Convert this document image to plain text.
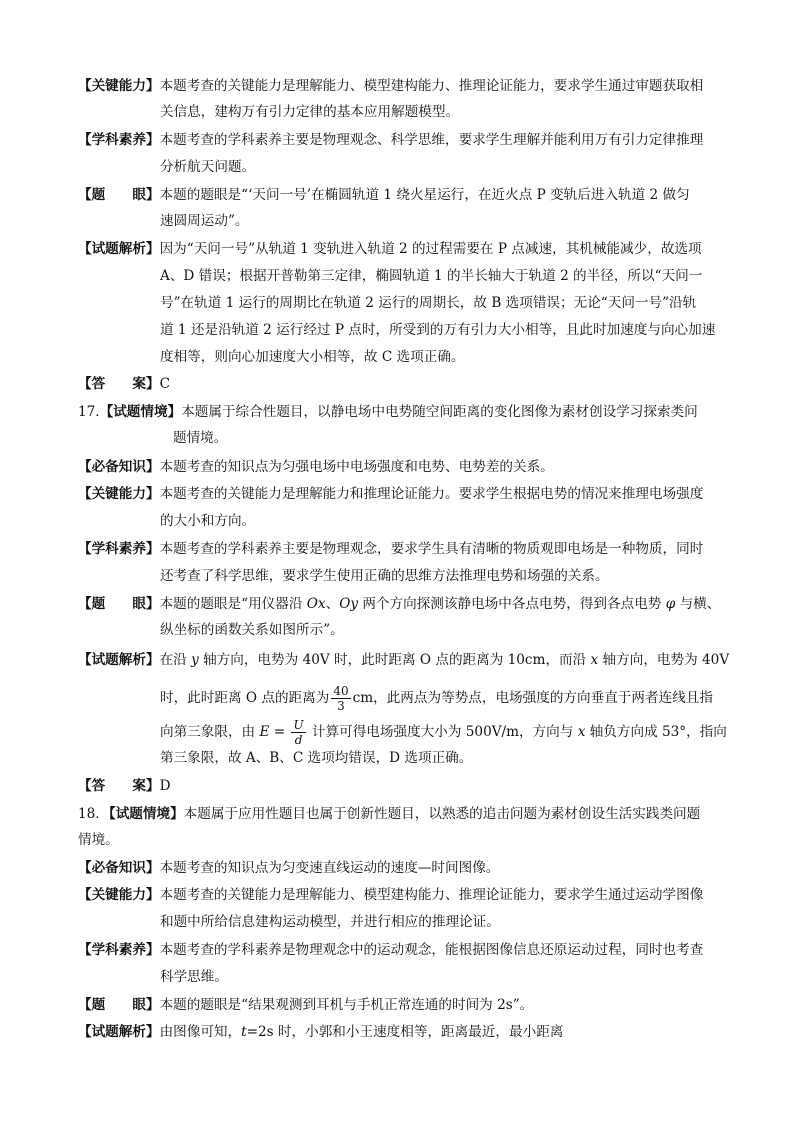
【关键能力】本题考查的关键能力是理解能力、模型建构能力、推理论证能力，要求学生通过审题获取相
关信息，建构万有引力定律的基本应用解题模型。
【学科素养】本题考查的学科素养主要是物理观念、科学思维，要求学生理解并能利用万有引力定律推理
分析航天问题。
【题　　眼】本题的题眼是“‘天问一号’在椭圆轨道 1 绕火星运行，在近火点 P 变轨后进入轨道 2 做匀
速圆周运动”。
【试题解析】因为“天问一号”从轨道 1 变轨进入轨道 2 的过程需要在 P 点减速，其机械能减少，故选项
A、D 错误；根据开普勒第三定律，椭圆轨道 1 的半长轴大于轨道 2 的半径，所以“天问一
号”在轨道 1 运行的周期比在轨道 2 运行的周期长，故 B 选项错误；无论“天问一号”沿轨
道 1 还是沿轨道 2 运行经过 P 点时，所受到的万有引力大小相等，且此时加速度与向心加速
度相等，则向心加速度大小相等，故 C 选项正确。
【答　　案】C
17.【试题情境】本题属于综合性题目，以静电场中电势随空间距离的变化图像为素材创设学习探索类问
题情境。
【必备知识】本题考查的知识点为匀强电场中电场强度和电势、电势差的关系。
【关键能力】本题考查的关键能力是理解能力和推理论证能力。要求学生根据电势的情况来推理电场强度
的大小和方向。
【学科素养】本题考查的学科素养主要是物理观念，要求学生具有清晰的物质观即电场是一种物质，同时
还考查了科学思维，要求学生使用正确的思维方法推理电势和场强的关系。
【题　　眼】本题的题眼是“用仪器沿 Ox、Oy 两个方向探测该静电场中各点电势，得到各点电势 φ 与横、
纵坐标的函数关系如图所示”。
【试题解析】在沿 y 轴方向，电势为 40V 时，此时距离 O 点的距离为 10cm，而沿 x 轴方向，电势为 40V
时，此时距离 O 点的距离为 $\frac{40}{3}$ cm，此两点为等势点，电场强度的方向垂直于两者连线且指
向第三象限，由 $E = \frac{U}{d}$ 计算可得电场强度大小为 500V/m，方向与 x 轴负方向成 53°，指向
第三象限，故 A、B、C 选项均错误，D 选项正确。
【答　　案】D
18．【试题情境】本题属于应用性题目也属于创新性题目，以熟悉的追击问题为素材创设生活实践类问题
情境。
【必备知识】本题考查的知识点为匀变速直线运动的速度—时间图像。
【关键能力】本题考查的关键能力是理解能力、模型建构能力、推理论证能力，要求学生通过运动学图像
和题中所给信息建构运动模型，并进行相应的推理论证。
【学科素养】本题考查的学科素养是物理观念中的运动观念，能根据图像信息还原运动过程，同时也考查
科学思维。
【题　　眼】本题的题眼是“结果观测到耳机与手机正常连通的时间为 2s”。
【试题解析】由图像可知，t=2s 时，小郭和小王速度相等，距离最近，最小距离
